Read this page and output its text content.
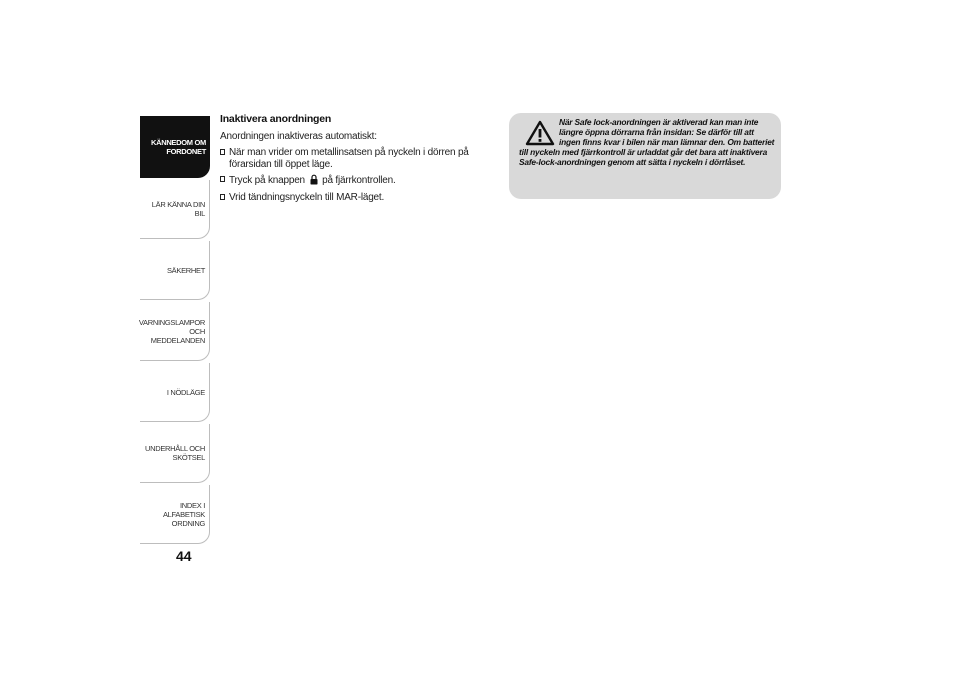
KÄNNEDOM OM
FORDONET
LÄR KÄNNA DIN BIL
SÄKERHET
VARNINGSLAMPOR
OCH MEDDELANDEN
I NÖDLÄGE
UNDERHÅLL OCH
SKÖTSEL
INDEX I ALFABETISK
ORDNING
44
Inaktivera anordningen
Anordningen inaktiveras automatiskt:
När man vrider om metallinsatsen på nyckeln i dörren på förarsidan till öppet läge.
Tryck på knappen på fjärrkontrollen.
Vrid tändningsnyckeln till MAR-läget.
När Safe lock-anordningen är aktiverad kan man inte längre öppna dörrarna från insidan: Se därför till att ingen finns kvar i bilen när man lämnar den. Om batteriet till nyckeln med fjärrkontroll är urladdat går det bara att inaktivera Safe-lock-anordningen genom att sätta i nyckeln i dörrlåset.
